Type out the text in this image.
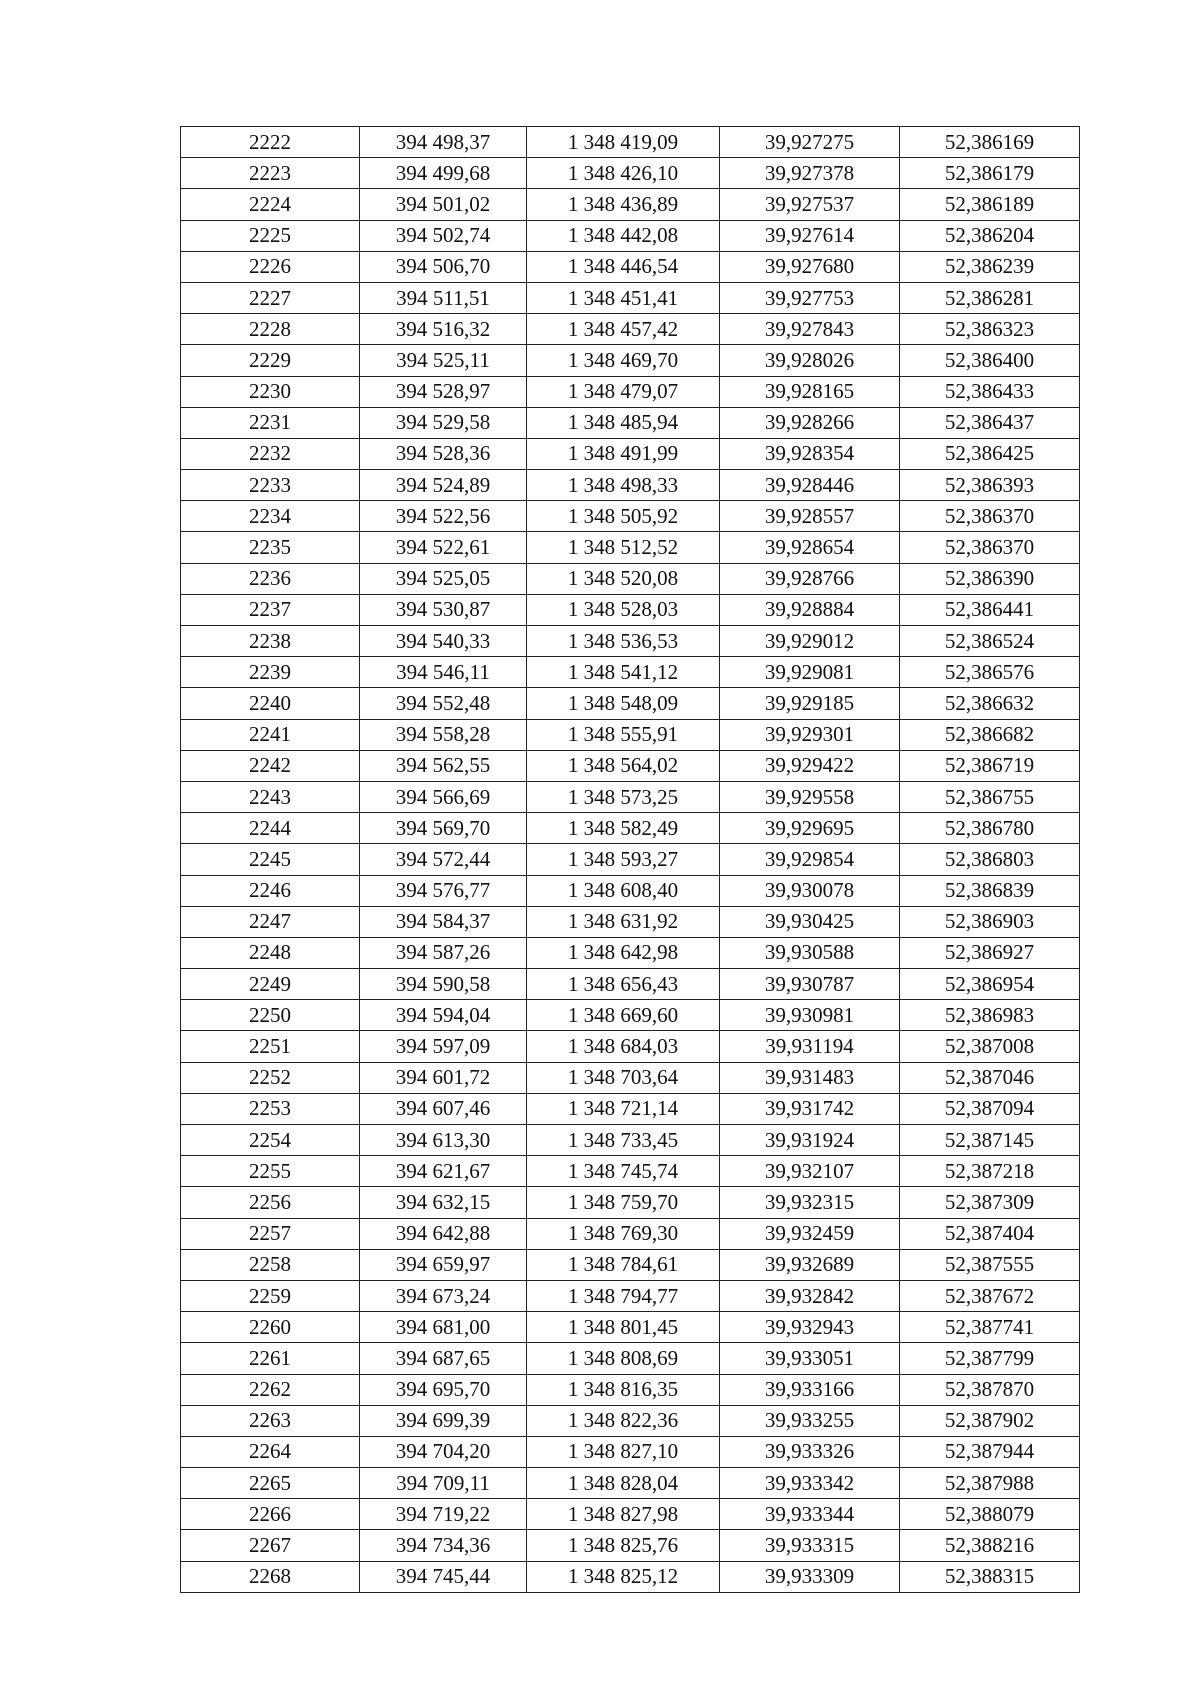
2222	394 498,37	1 348 419,09	39,927275	52,386169
2223	394 499,68	1 348 426,10	39,927378	52,386179
2224	394 501,02	1 348 436,89	39,927537	52,386189
2225	394 502,74	1 348 442,08	39,927614	52,386204
2226	394 506,70	1 348 446,54	39,927680	52,386239
2227	394 511,51	1 348 451,41	39,927753	52,386281
2228	394 516,32	1 348 457,42	39,927843	52,386323
2229	394 525,11	1 348 469,70	39,928026	52,386400
2230	394 528,97	1 348 479,07	39,928165	52,386433
2231	394 529,58	1 348 485,94	39,928266	52,386437
2232	394 528,36	1 348 491,99	39,928354	52,386425
2233	394 524,89	1 348 498,33	39,928446	52,386393
2234	394 522,56	1 348 505,92	39,928557	52,386370
2235	394 522,61	1 348 512,52	39,928654	52,386370
2236	394 525,05	1 348 520,08	39,928766	52,386390
2237	394 530,87	1 348 528,03	39,928884	52,386441
2238	394 540,33	1 348 536,53	39,929012	52,386524
2239	394 546,11	1 348 541,12	39,929081	52,386576
2240	394 552,48	1 348 548,09	39,929185	52,386632
2241	394 558,28	1 348 555,91	39,929301	52,386682
2242	394 562,55	1 348 564,02	39,929422	52,386719
2243	394 566,69	1 348 573,25	39,929558	52,386755
2244	394 569,70	1 348 582,49	39,929695	52,386780
2245	394 572,44	1 348 593,27	39,929854	52,386803
2246	394 576,77	1 348 608,40	39,930078	52,386839
2247	394 584,37	1 348 631,92	39,930425	52,386903
2248	394 587,26	1 348 642,98	39,930588	52,386927
2249	394 590,58	1 348 656,43	39,930787	52,386954
2250	394 594,04	1 348 669,60	39,930981	52,386983
2251	394 597,09	1 348 684,03	39,931194	52,387008
2252	394 601,72	1 348 703,64	39,931483	52,387046
2253	394 607,46	1 348 721,14	39,931742	52,387094
2254	394 613,30	1 348 733,45	39,931924	52,387145
2255	394 621,67	1 348 745,74	39,932107	52,387218
2256	394 632,15	1 348 759,70	39,932315	52,387309
2257	394 642,88	1 348 769,30	39,932459	52,387404
2258	394 659,97	1 348 784,61	39,932689	52,387555
2259	394 673,24	1 348 794,77	39,932842	52,387672
2260	394 681,00	1 348 801,45	39,932943	52,387741
2261	394 687,65	1 348 808,69	39,933051	52,387799
2262	394 695,70	1 348 816,35	39,933166	52,387870
2263	394 699,39	1 348 822,36	39,933255	52,387902
2264	394 704,20	1 348 827,10	39,933326	52,387944
2265	394 709,11	1 348 828,04	39,933342	52,387988
2266	394 719,22	1 348 827,98	39,933344	52,388079
2267	394 734,36	1 348 825,76	39,933315	52,388216
2268	394 745,44	1 348 825,12	39,933309	52,388315
